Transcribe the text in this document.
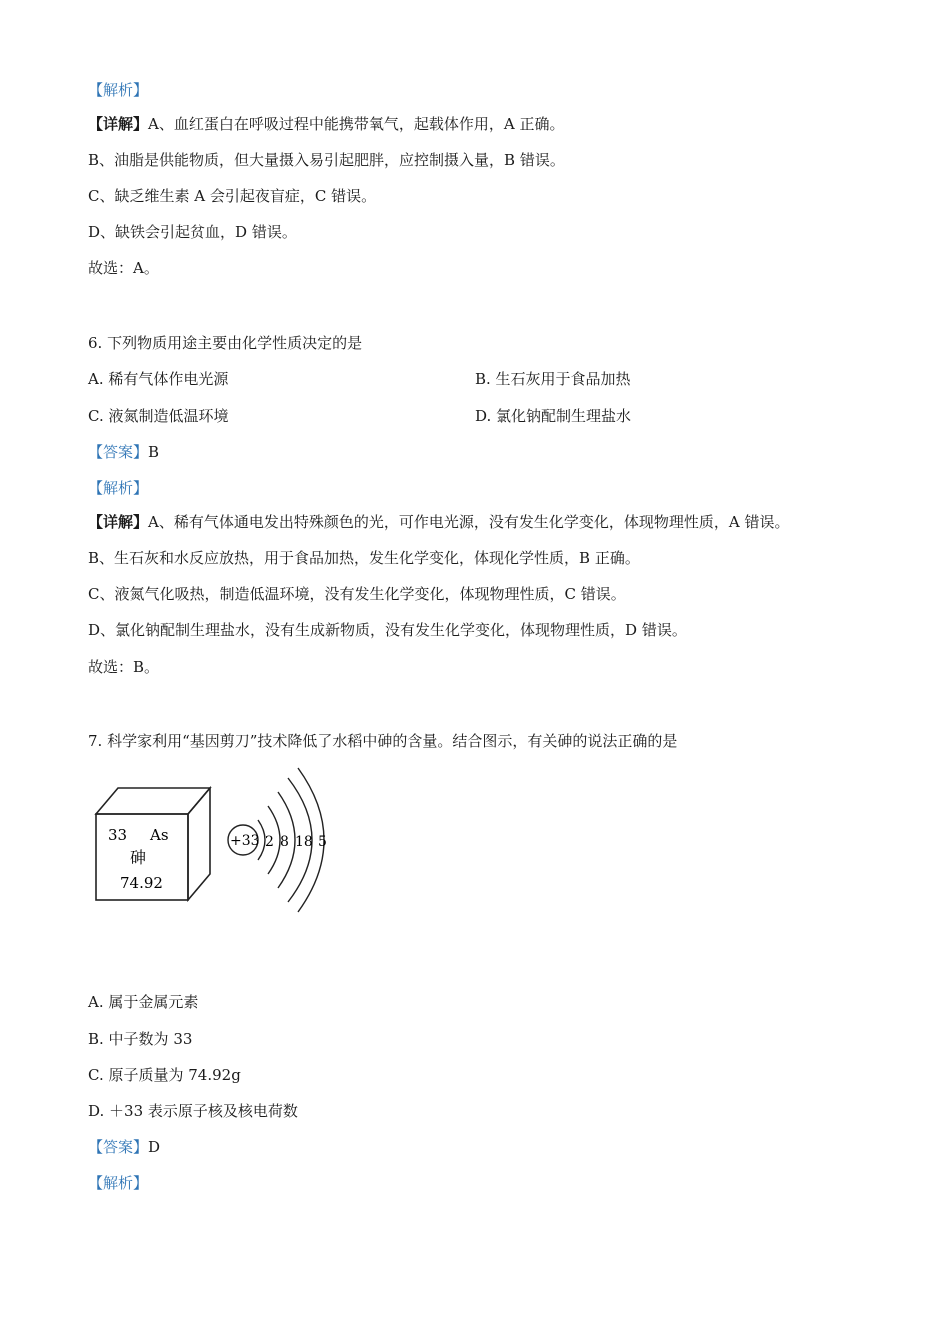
【解析】
【详解】A、血红蛋白在呼吸过程中能携带氧气，起载体作用，A 正确。
B、油脂是供能物质，但大量摄入易引起肥胖，应控制摄入量，B 错误。
C、缺乏维生素 A 会引起夜盲症，C 错误。
D、缺铁会引起贫血，D 错误。
故选：A。
6. 下列物质用途主要由化学性质决定的是
A. 稀有气体作电光源	B. 生石灰用于食品加热
C. 液氮制造低温环境	D. 氯化钠配制生理盐水
【答案】B
【解析】
【详解】A、稀有气体通电发出特殊颜色的光，可作电光源，没有发生化学变化，体现物理性质，A 错误。
B、生石灰和水反应放热，用于食品加热，发生化学变化，体现化学性质，B 正确。
C、液氮气化吸热，制造低温环境，没有发生化学变化，体现物理性质，C 错误。
D、氯化钠配制生理盐水，没有生成新物质，没有发生化学变化，体现物理性质，D 错误。
故选：B。
7. 科学家利用“基因剪刀”技术降低了水稻中砷的含量。结合图示，有关砷的说法正确的是
33 As
砷
74.92
+33 2 8 18 5
A. 属于金属元素
B. 中子数为 33
C. 原子质量为 74.92g
D. ＋33 表示原子核及核电荷数
【答案】D
【解析】
